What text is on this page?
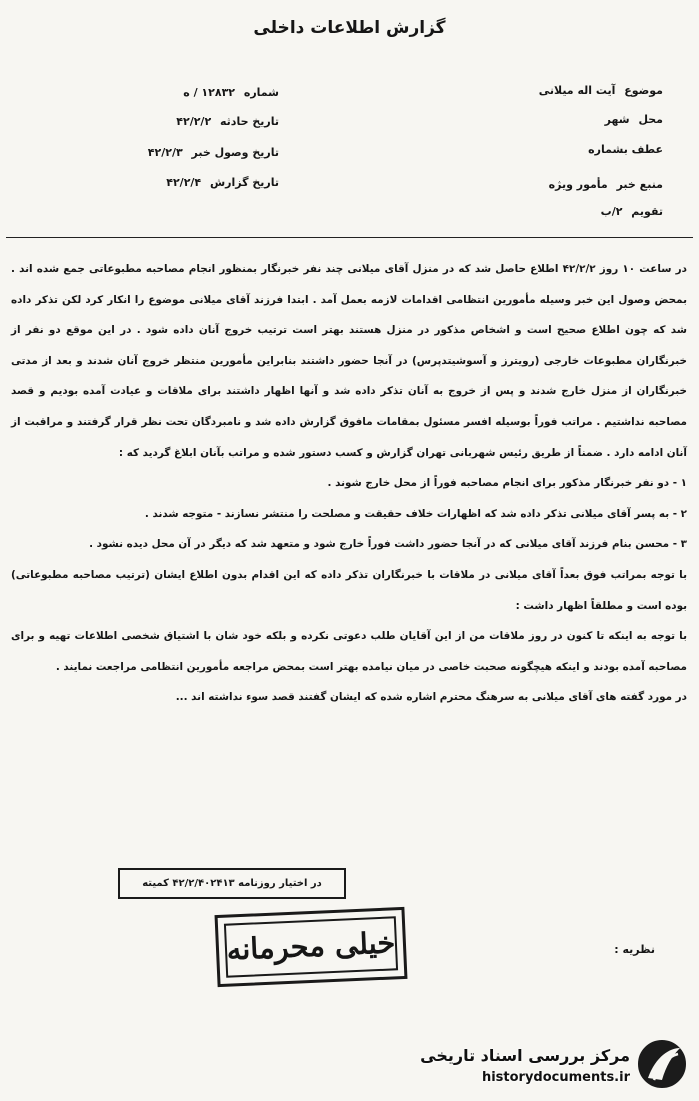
گزارش اطلاعات داخلی
موضوع آیت اله میلانی
محل شهر
عطف بشماره
منبع خبر مأمور ویژه
تقویم ۲/ب
شماره ۱۲۸۳۲ / ه
تاریخ حادثه ۴۲/۲/۲
تاریخ وصول خبر ۴۲/۲/۳
تاریخ گزارش ۴۲/۲/۴

در ساعت ۱۰ روز ۴۲/۲/۲ اطلاع حاصل شد که در منزل آقای میلانی چند نفر خبرنگار بمنظور انجام مصاحبه مطبوعاتی جمع شده اند . بمحض وصول این خبر وسیله مأمورین انتظامی اقدامات لازمه بعمل آمد . ابتدا فرزند آقای میلانی موضوع را انکار کرد لکن تذکر داده شد که چون اطلاع صحیح است و اشخاص مذکور در منزل هستند بهتر است ترتیب خروج آنان داده شود . در این موقع دو نفر از خبرنگاران مطبوعات خارجی (رویترز و آسوشیتدپرس) در آنجا حضور داشتند بنابراین مأمورین منتظر خروج آنان شدند و بعد از مدتی خبرنگاران از منزل خارج شدند و پس از خروج به آنان تذکر داده شد و آنها اظهار داشتند برای ملاقات و عیادت آمده بودیم و قصد مصاحبه نداشتیم . مراتب فوراً بوسیله افسر مسئول بمقامات مافوق گزارش داده شد و نامبردگان تحت نظر قرار گرفتند و مراقبت از آنان ادامه دارد . ضمناً از طریق رئیس شهربانی تهران گزارش و کسب دستور شده و مراتب بآنان ابلاغ گردید که :

۱ - دو نفر خبرنگار مذکور برای انجام مصاحبه فوراً از محل خارج شوند .

۲ - به پسر آقای میلانی تذکر داده شد که اظهارات خلاف حقیقت و مصلحت را منتشر نسازند - متوجه شدند .

۳ - محسن بنام فرزند آقای میلانی که در آنجا حضور داشت فوراً خارج شود و متعهد شد که دیگر در آن محل دیده نشود .

با توجه بمراتب فوق بعداً آقای میلانی در ملاقات با خبرنگاران تذکر داده که این اقدام بدون اطلاع ایشان (ترتیب مصاحبه مطبوعاتی) بوده است و مطلقاً اظهار داشت :

با توجه به اینکه تا کنون در روز ملاقات من از این آقایان طلب دعوتی نکرده و بلکه خود شان با اشتیاق شخصی اطلاعات تهیه و برای مصاحبه آمده بودند و اینکه هیچگونه صحبت خاصی در میان نیامده بهتر است بمحض مراجعه مأمورین انتظامی مراجعت نمایند .

در مورد گفته های آقای میلانی به سرهنگ محترم اشاره شده که ایشان گفتند قصد سوء نداشته اند ...

در اختیار روزنامه ۴۲/۲/۴۰۲۴۱۳ کمیته
خیلی محرمانه	نظریه :
مرکز بررسی اسناد تاریخی
historydocuments.ir
